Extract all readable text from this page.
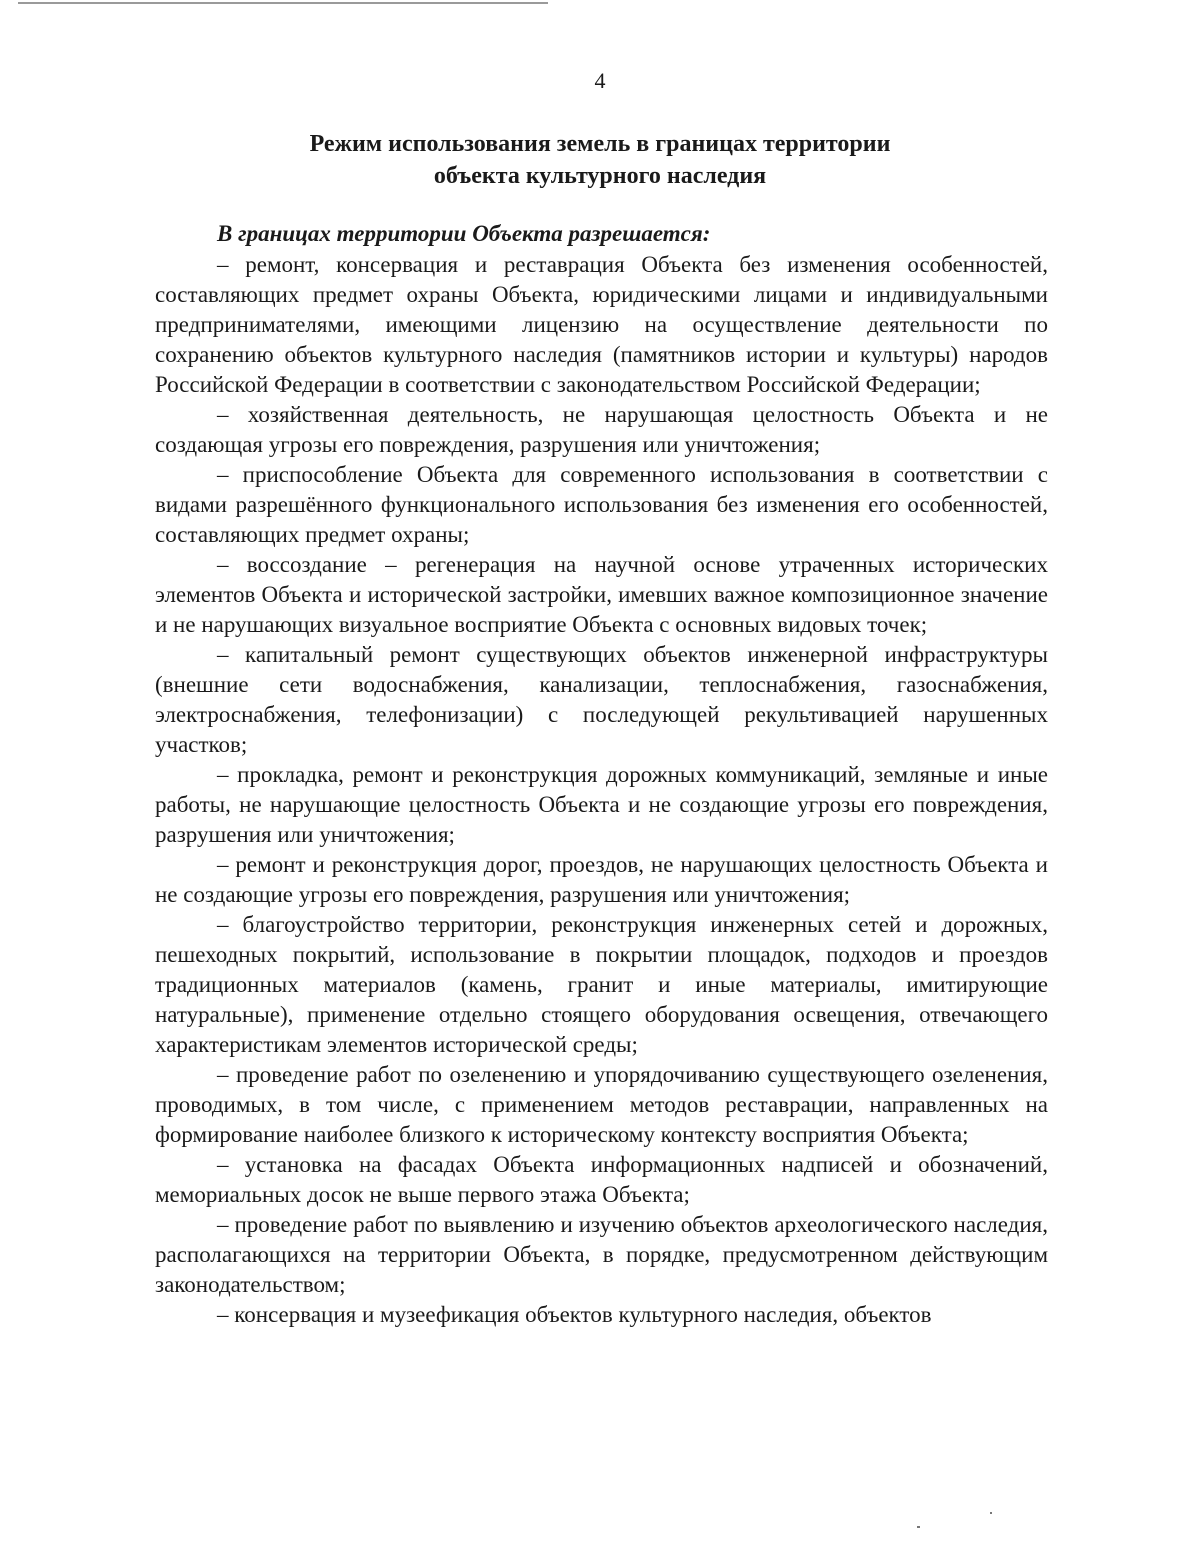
4
Режим использования земель в границах территории
объекта культурного наследия

В границах территории Объекта разрешается:

– ремонт, консервация и реставрация Объекта без изменения особенностей, составляющих предмет охраны Объекта, юридическими лицами и индивидуальными предпринимателями, имеющими лицензию на осуществление деятельности по сохранению объектов культурного наследия (памятников истории и культуры) народов Российской Федерации в соответствии с законодательством Российской Федерации;

– хозяйственная деятельность, не нарушающая целостность Объекта и не создающая угрозы его повреждения, разрушения или уничтожения;

– приспособление Объекта для современного использования в соответствии с видами разрешённого функционального использования без изменения его особенностей, составляющих предмет охраны;

– воссоздание – регенерация на научной основе утраченных исторических элементов Объекта и исторической застройки, имевших важное композиционное значение и не нарушающих визуальное восприятие Объекта с основных видовых точек;

– капитальный ремонт существующих объектов инженерной инфраструктуры (внешние сети водоснабжения, канализации, теплоснабжения, газоснабжения, электроснабжения, телефонизации) с последующей рекультивацией нарушенных участков;

– прокладка, ремонт и реконструкция дорожных коммуникаций, земляные и иные работы, не нарушающие целостность Объекта и не создающие угрозы его повреждения, разрушения или уничтожения;

– ремонт и реконструкция дорог, проездов, не нарушающих целостность Объекта и не создающие угрозы его повреждения, разрушения или уничтожения;

– благоустройство территории, реконструкция инженерных сетей и дорожных, пешеходных покрытий, использование в покрытии площадок, подходов и проездов традиционных материалов (камень, гранит и иные материалы, имитирующие натуральные), применение отдельно стоящего оборудования освещения, отвечающего характеристикам элементов исторической среды;

– проведение работ по озеленению и упорядочиванию существующего озеленения, проводимых, в том числе, с применением методов реставрации, направленных на формирование наиболее близкого к историческому контексту восприятия Объекта;

– установка на фасадах Объекта информационных надписей и обозначений, мемориальных досок не выше первого этажа Объекта;

– проведение работ по выявлению и изучению объектов археологического наследия, располагающихся на территории Объекта, в порядке, предусмотренном действующим законодательством;

– консервация и музеефикация объектов культурного наследия, объектов
